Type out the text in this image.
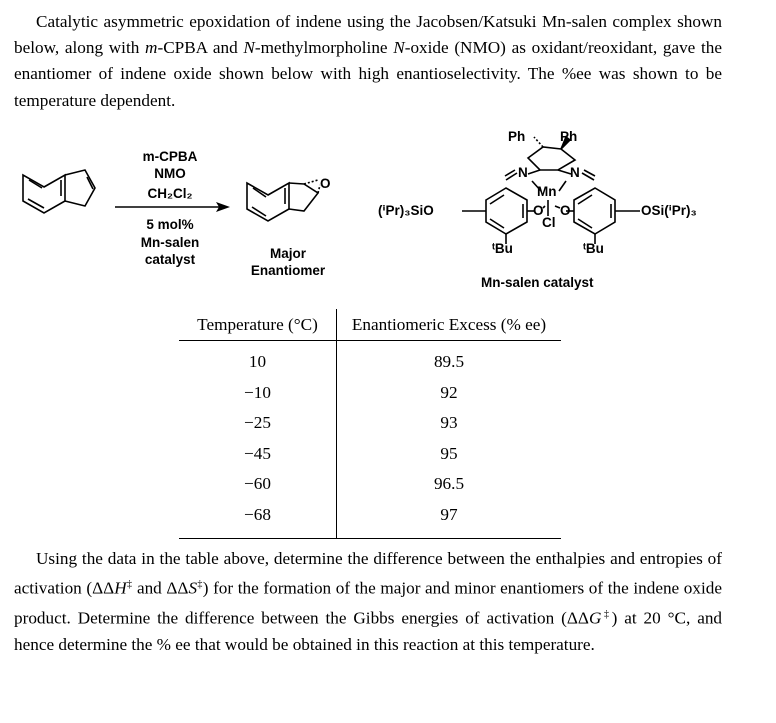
Catalytic asymmetric epoxidation of indene using the Jacobsen/Katsuki Mn-salen complex shown below, along with m-CPBA and N-methylmorpholine N-oxide (NMO) as oxidant/reoxidant, gave the enantiomer of indene oxide shown below with high enantioselectivity. The %ee was shown to be temperature dependent.
m-CPBA
NMO
CH₂Cl₂
5 mol%
Mn-salen
catalyst
O
Major
Enantiomer
Ph	Ph
N	N
Mn
O O
Cl
(ⁱPr)₃SiO	OSi(ⁱPr)₃
ᵗBu	ᵗBu
Mn-salen catalyst
Temperature (°C)	Enantiomeric Excess (% ee)
10	89.5
−10	92
−25	93
−45	95
−60	96.5
−68	97
Using the data in the table above, determine the difference between the enthalpies and entropies of activation (ΔΔH‡ and ΔΔS‡) for the formation of the major and minor enantiomers of the indene oxide product. Determine the difference between the Gibbs energies of activation (ΔΔG‡) at 20 °C, and hence determine the % ee that would be obtained in this reaction at this temperature.
